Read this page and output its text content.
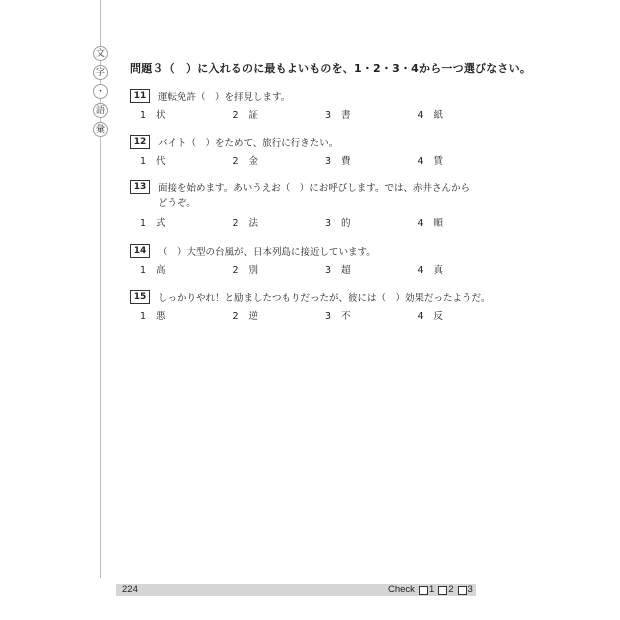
文
字
・
語
彙
問題３（　）に入れるのに最もよいものを、1・2・3・4から一つ選びなさい。
11	運転免許（　）を拝見します。
1 状	2 証	3 書	4 紙
12	バイト（　）をためて、旅行に行きたい。
1 代	2 金	3 費	4 賃
13	面接を始めます。あいうえお（　）にお呼びします。では、赤井さんから
どうぞ。
1 式	2 法	3 的	4 順
14	（　）大型の台風が、日本列島に接近しています。
1 高	2 別	3 超	4 真
15	しっかりやれ！と励ましたつもりだったが、彼には（　）効果だったようだ。
1 悪	2 逆	3 不	4 反
224	Check 1 2 3
